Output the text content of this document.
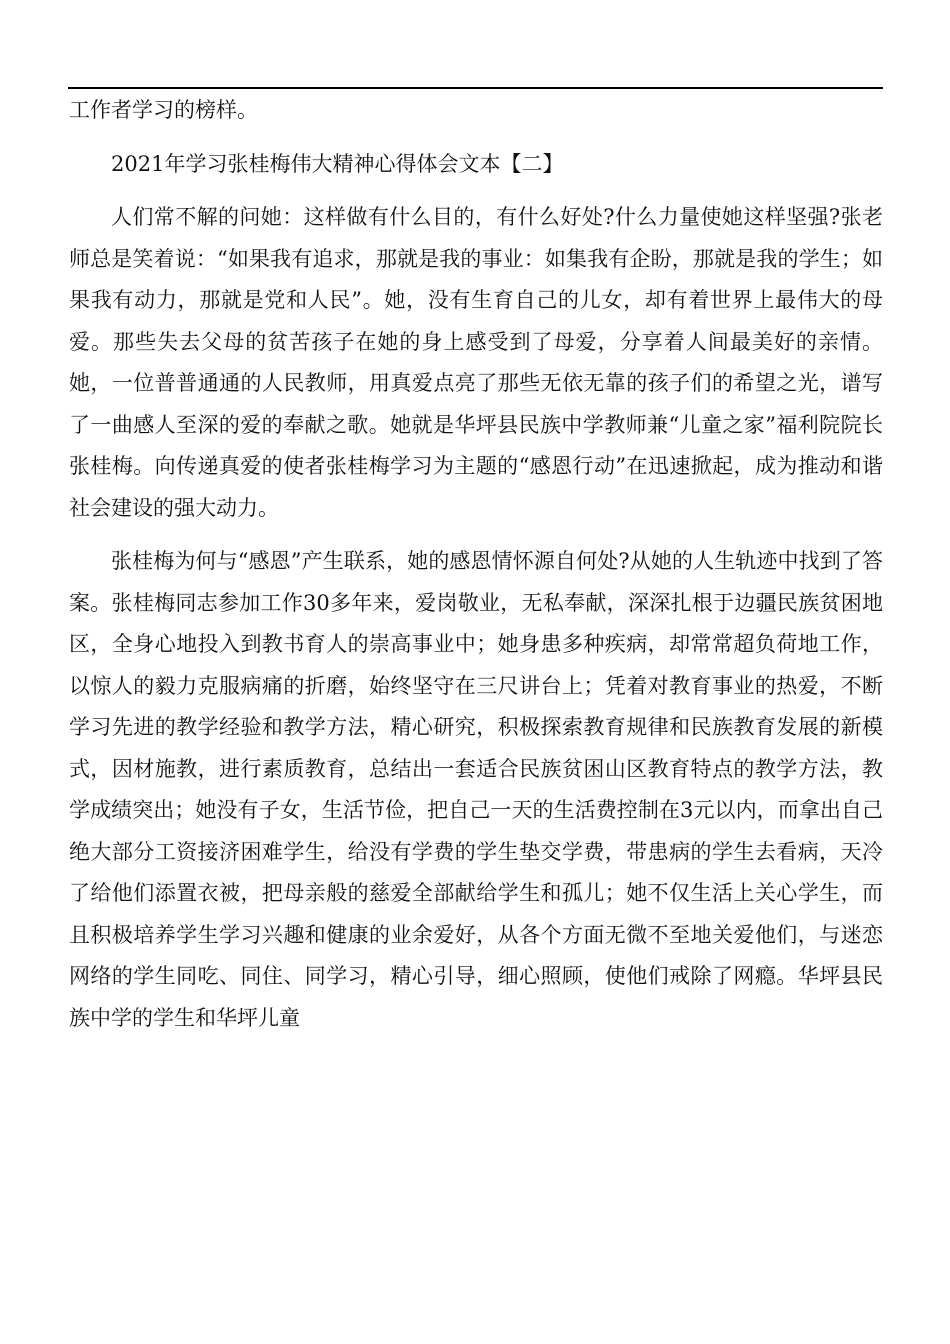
工作者学习的榜样。

2021年学习张桂梅伟大精神心得体会文本【二】

人们常不解的问她：这样做有什么目的，有什么好处?什么力量使她这样坚强?张老师总是笑着说：“如果我有追求，那就是我的事业：如集我有企盼，那就是我的学生；如果我有动力，那就是党和人民”。她，没有生育自己的儿女，却有着世界上最伟大的母爱。那些失去父母的贫苦孩子在她的身上感受到了母爱，分享着人间最美好的亲情。她，一位普普通通的人民教师，用真爱点亮了那些无依无靠的孩子们的希望之光，谱写了一曲感人至深的爱的奉献之歌。她就是华坪县民族中学教师兼“儿童之家”福利院院长张桂梅。向传递真爱的使者张桂梅学习为主题的“感恩行动”在迅速掀起，成为推动和谐社会建设的强大动力。

张桂梅为何与“感恩”产生联系，她的感恩情怀源自何处?从她的人生轨迹中找到了答案。张桂梅同志参加工作30多年来，爱岗敬业，无私奉献，深深扎根于边疆民族贫困地区，全身心地投入到教书育人的崇高事业中；她身患多种疾病，却常常超负荷地工作，以惊人的毅力克服病痛的折磨，始终坚守在三尺讲台上；凭着对教育事业的热爱，不断学习先进的教学经验和教学方法，精心研究，积极探索教育规律和民族教育发展的新模式，因材施教，进行素质教育，总结出一套适合民族贫困山区教育特点的教学方法，教学成绩突出；她没有子女，生活节俭，把自己一天的生活费控制在3元以内，而拿出自己绝大部分工资接济困难学生，给没有学费的学生垫交学费，带患病的学生去看病，天冷了给他们添置衣被，把母亲般的慈爱全部献给学生和孤儿；她不仅生活上关心学生，而且积极培养学生学习兴趣和健康的业余爱好，从各个方面无微不至地关爱他们，与迷恋网络的学生同吃、同住、同学习，精心引导，细心照顾，使他们戒除了网瘾。华坪县民族中学的学生和华坪儿童
